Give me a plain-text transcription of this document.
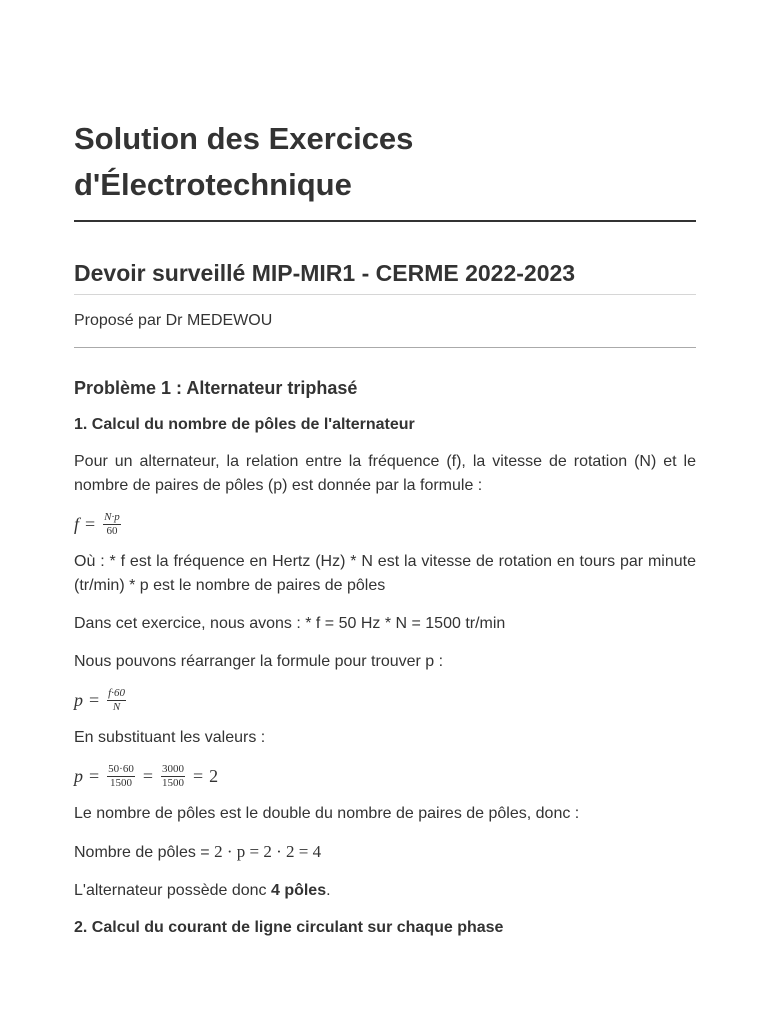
Solution des Exercices
d'Électrotechnique
Devoir surveillé MIP-MIR1 - CERME 2022-2023
Proposé par Dr MEDEWOU
Problème 1 : Alternateur triphasé
1. Calcul du nombre de pôles de l'alternateur

Pour un alternateur, la relation entre la fréquence (f), la vitesse de rotation (N) et le nombre de paires de pôles (p) est donnée par la formule :

$f = \frac{N\cdot p}{60}$

Où : * f est la fréquence en Hertz (Hz) * N est la vitesse de rotation en tours par minute (tr/min) * p est le nombre de paires de pôles

Dans cet exercice, nous avons : * f = 50 Hz * N = 1500 tr/min

Nous pouvons réarranger la formule pour trouver p :

$p = \frac{f\cdot 60}{N}$

En substituant les valeurs :

$p = \frac{50\cdot 60}{1500} = \frac{3000}{1500} = 2$

Le nombre de pôles est le double du nombre de paires de pôles, donc :

Nombre de pôles = 2 · p = 2 · 2 = 4

L'alternateur possède donc 4 pôles.

2. Calcul du courant de ligne circulant sur chaque phase
